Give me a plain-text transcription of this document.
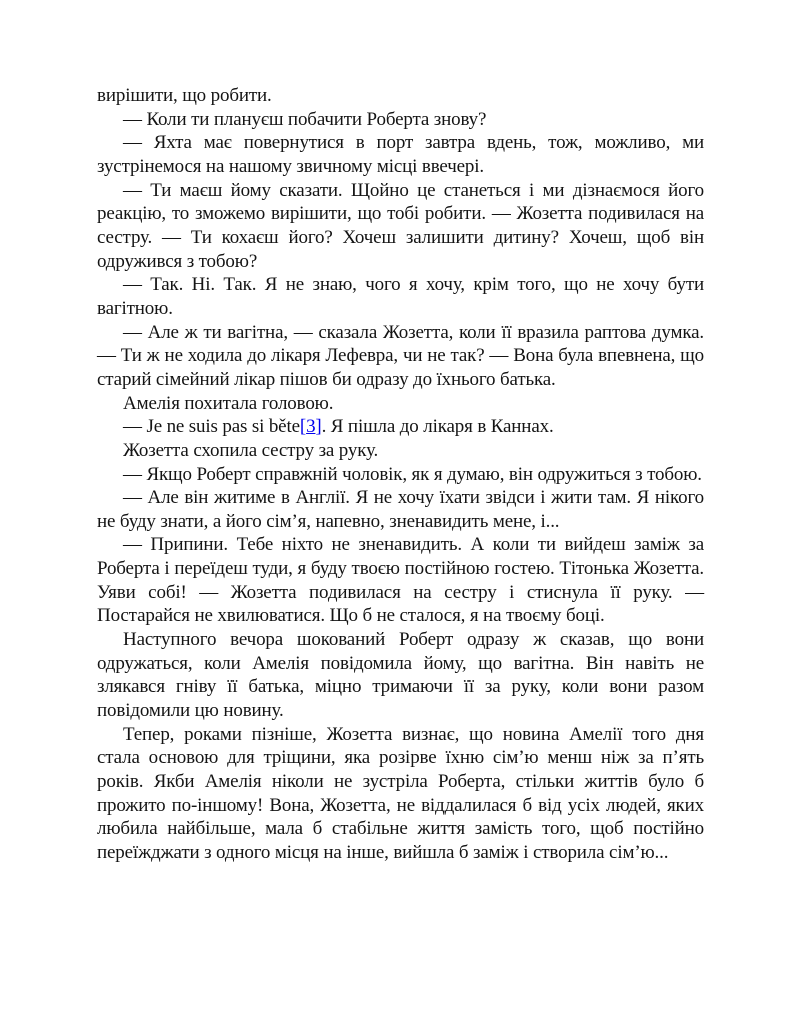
вирішити, що робити.

— Коли ти плануєш побачити Роберта знову?

— Яхта має повернутися в порт завтра вдень, тож, можливо, ми зустрінемося на нашому звичному місці ввечері.

— Ти маєш йому сказати. Щойно це станеться і ми дізнаємося його реакцію, то зможемо вирішити, що тобі робити. — Жозетта подивилася на сестру. — Ти кохаєш його? Хочеш залишити дитину? Хочеш, щоб він одружився з тобою?

— Так. Ні. Так. Я не знаю, чого я хочу, крім того, що не хочу бути вагітною.

— Але ж ти вагітна, — сказала Жозетта, коли її вразила раптова думка. — Ти ж не ходила до лікаря Лефевра, чи не так? — Вона була впевнена, що старий сімейний лікар пішов би одразу до їхнього батька.

Амелія похитала головою.

— Je ne suis pas si běte[3]. Я пішла до лікаря в Каннах.

Жозетта схопила сестру за руку.

— Якщо Роберт справжній чоловік, як я думаю, він одружиться з тобою.

— Але він житиме в Англії. Я не хочу їхати звідси і жити там. Я нікого не буду знати, а його сім’я, напевно, зненавидить мене, і...

— Припини. Тебе ніхто не зненавидить. А коли ти вийдеш заміж за Роберта і переїдеш туди, я буду твоєю постійною гостею. Тітонька Жозетта. Уяви собі! — Жозетта подивилася на сестру і стиснула її руку. — Постарайся не хвилюватися. Що б не сталося, я на твоєму боці.

Наступного вечора шокований Роберт одразу ж сказав, що вони одружаться, коли Амелія повідомила йому, що вагітна. Він навіть не злякався гніву її батька, міцно тримаючи її за руку, коли вони разом повідомили цю новину.

Тепер, роками пізніше, Жозетта визнає, що новина Амелії того дня стала основою для тріщини, яка розірве їхню сім’ю менш ніж за п’ять років. Якби Амелія ніколи не зустріла Роберта, стільки життів було б прожито по-іншому! Вона, Жозетта, не віддалилася б від усіх людей, яких любила найбільше, мала б стабільне життя замість того, щоб постійно переїжджати з одного місця на інше, вийшла б заміж і створила сім’ю...
